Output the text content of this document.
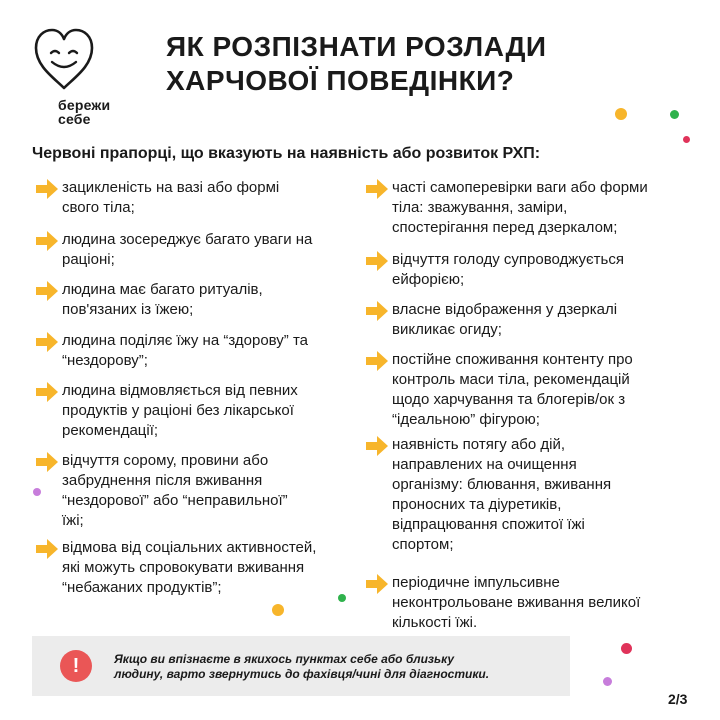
бережи
себе
ЯК РОЗПІЗНАТИ РОЗЛАДИ
ХАРЧОВОЇ ПОВЕДІНКИ?
Червоні прапорці, що вказують на наявність або розвиток РХП:
зацикленість на вазі або формі
свого тіла;
людина зосереджує багато уваги на
раціоні;
людина має багато ритуалів,
пов'язаних із їжею;
людина поділяє їжу на “здорову” та
“нездорову”;
людина відмовляється від певних
продуктів у раціоні без лікарської
рекомендації;
відчуття сорому, провини або
забруднення після вживання
“нездорової” або “неправильної”
їжі;
відмова від соціальних активностей,
які можуть спровокувати вживання
“небажаних продуктів”;
часті самоперевірки ваги або форми
тіла: зважування, заміри,
спостерігання перед дзеркалом;
відчуття голоду супроводжується
ейфорією;
власне відображення у дзеркалі
викликає огиду;
постійне споживання контенту про
контроль маси тіла, рекомендацій
щодо харчування та блогерів/ок з
“ідеальною” фігурою;
наявність потягу або дій,
направлених на очищення
організму: блювання, вживання
проносних та діуретиків,
відпрацювання спожитої їжі
спортом;
періодичне імпульсивне
неконтрольоване вживання великої
кількості їжі.
!	Якщо ви впізнаєте в якихось пунктах себе або близьку
людину, варто звернутись до фахівця/чині для діагностики.
2/3
